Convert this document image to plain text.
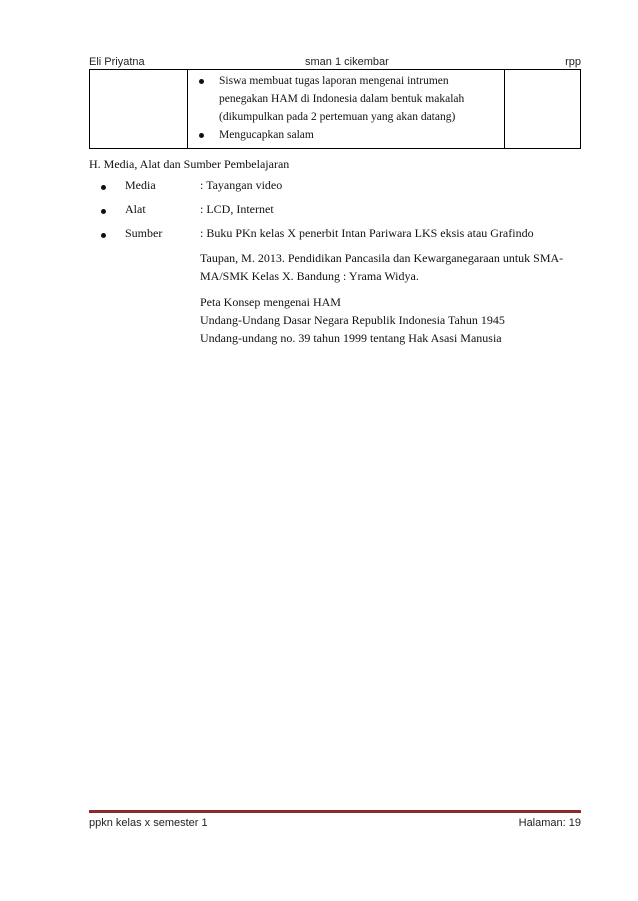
Eli Priyatna	sman 1 cikembar	rpp
Siswa membuat tugas laporan mengenai intrumen penegakan HAM di Indonesia dalam bentuk makalah (dikumpulkan pada 2 pertemuan yang akan datang)
Mengucapkan salam
H. Media, Alat dan Sumber Pembelajaran
Media	: Tayangan video
Alat	: LCD, Internet
Sumber	: Buku PKn kelas X penerbit Intan Pariwara LKS eksis atau Grafindo

Taupan, M. 2013. Pendidikan Pancasila dan Kewarganegaraan untuk SMA-MA/SMK Kelas X. Bandung : Yrama Widya.

Peta Konsep mengenai HAM

Undang-Undang Dasar Negara Republik Indonesia Tahun 1945

Undang-undang no. 39 tahun 1999 tentang Hak Asasi Manusia

ppkn kelas x semester 1	Halaman: 19
